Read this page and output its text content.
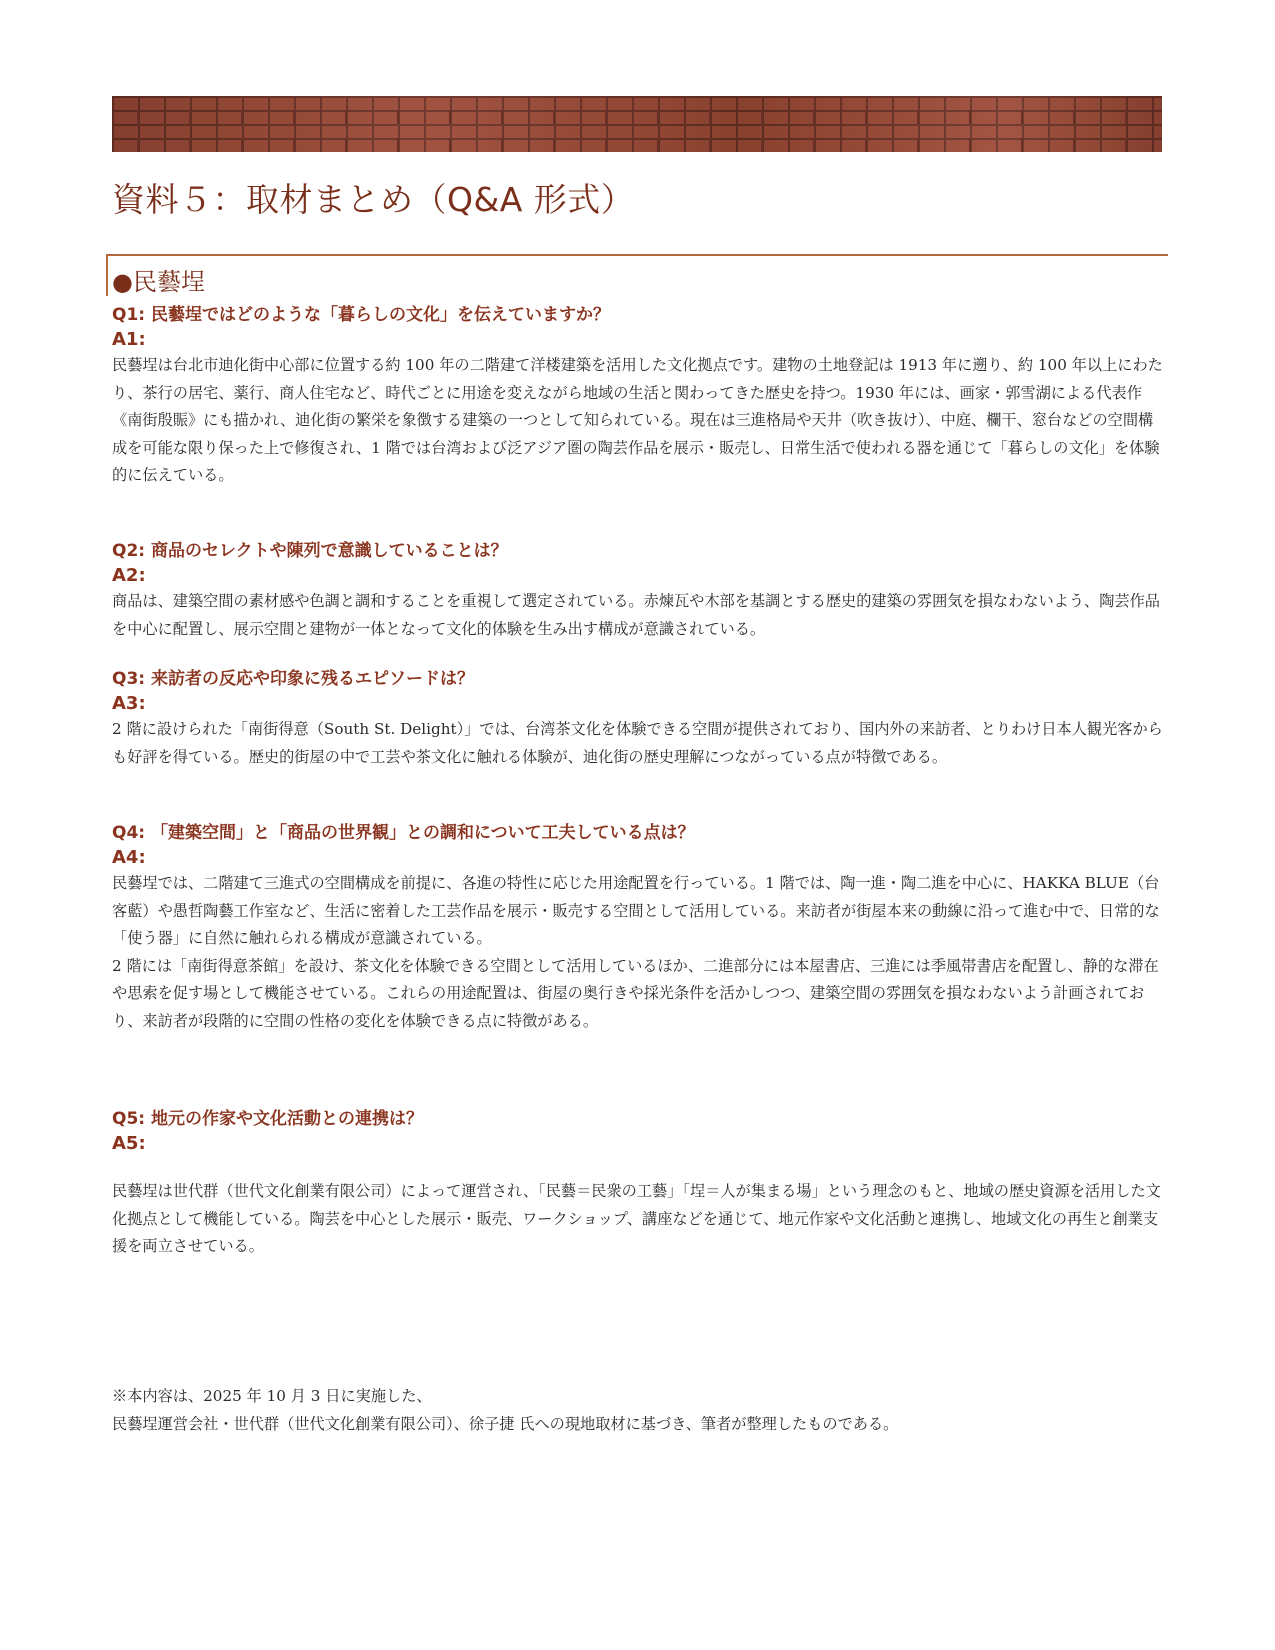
資料５：取材まとめ（Q&A 形式）
●民藝埕
Q1: 民藝埕ではどのような「暮らしの文化」を伝えていますか？
A1:

民藝埕は台北市迪化街中心部に位置する約 100 年の二階建て洋楼建築を活用した文化拠点です。建物の土地登記は 1913 年に遡り、約 100 年以上にわたり、茶行の居宅、薬行、商人住宅など、時代ごとに用途を変えながら地域の生活と関わってきた歴史を持つ。1930 年には、画家・郭雪湖による代表作《南街殷賑》にも描かれ、迪化街の繁栄を象徴する建築の一つとして知られている。現在は三進格局や天井（吹き抜け）、中庭、欄干、窓台などの空間構成を可能な限り保った上で修復され、1 階では台湾および泛アジア圏の陶芸作品を展示・販売し、日常生活で使われる器を通じて「暮らしの文化」を体験的に伝えている。

Q2: 商品のセレクトや陳列で意識していることは？
A2:

商品は、建築空間の素材感や色調と調和することを重視して選定されている。赤煉瓦や木部を基調とする歴史的建築の雰囲気を損なわないよう、陶芸作品を中心に配置し、展示空間と建物が一体となって文化的体験を生み出す構成が意識されている。

Q3: 来訪者の反応や印象に残るエピソードは？
A3:

2 階に設けられた「南街得意（South St. Delight）」では、台湾茶文化を体験できる空間が提供されており、国内外の来訪者、とりわけ日本人観光客からも好評を得ている。歴史的街屋の中で工芸や茶文化に触れる体験が、迪化街の歴史理解につながっている点が特徴である。

Q4: 「建築空間」と「商品の世界観」との調和について工夫している点は？
A4:

民藝埕では、二階建て三進式の空間構成を前提に、各進の特性に応じた用途配置を行っている。1 階では、陶一進・陶二進を中心に、HAKKA BLUE（台客藍）や愚哲陶藝工作室など、生活に密着した工芸作品を展示・販売する空間として活用している。来訪者が街屋本来の動線に沿って進む中で、日常的な「使う器」に自然に触れられる構成が意識されている。

2 階には「南街得意茶館」を設け、茶文化を体験できる空間として活用しているほか、二進部分には本屋書店、三進には季風帯書店を配置し、静的な滞在や思索を促す場として機能させている。これらの用途配置は、街屋の奥行きや採光条件を活かしつつ、建築空間の雰囲気を損なわないよう計画されており、来訪者が段階的に空間の性格の変化を体験できる点に特徴がある。

Q5: 地元の作家や文化活動との連携は？
A5:

民藝埕は世代群（世代文化創業有限公司）によって運営され、「民藝＝民衆の工藝」「埕＝人が集まる場」という理念のもと、地域の歴史資源を活用した文化拠点として機能している。陶芸を中心とした展示・販売、ワークショップ、講座などを通じて、地元作家や文化活動と連携し、地域文化の再生と創業支援を両立させている。

※本内容は、2025 年 10 月 3 日に実施した、

民藝埕運営会社・世代群（世代文化創業有限公司）、徐子捷 氏への現地取材に基づき、筆者が整理したものである。
